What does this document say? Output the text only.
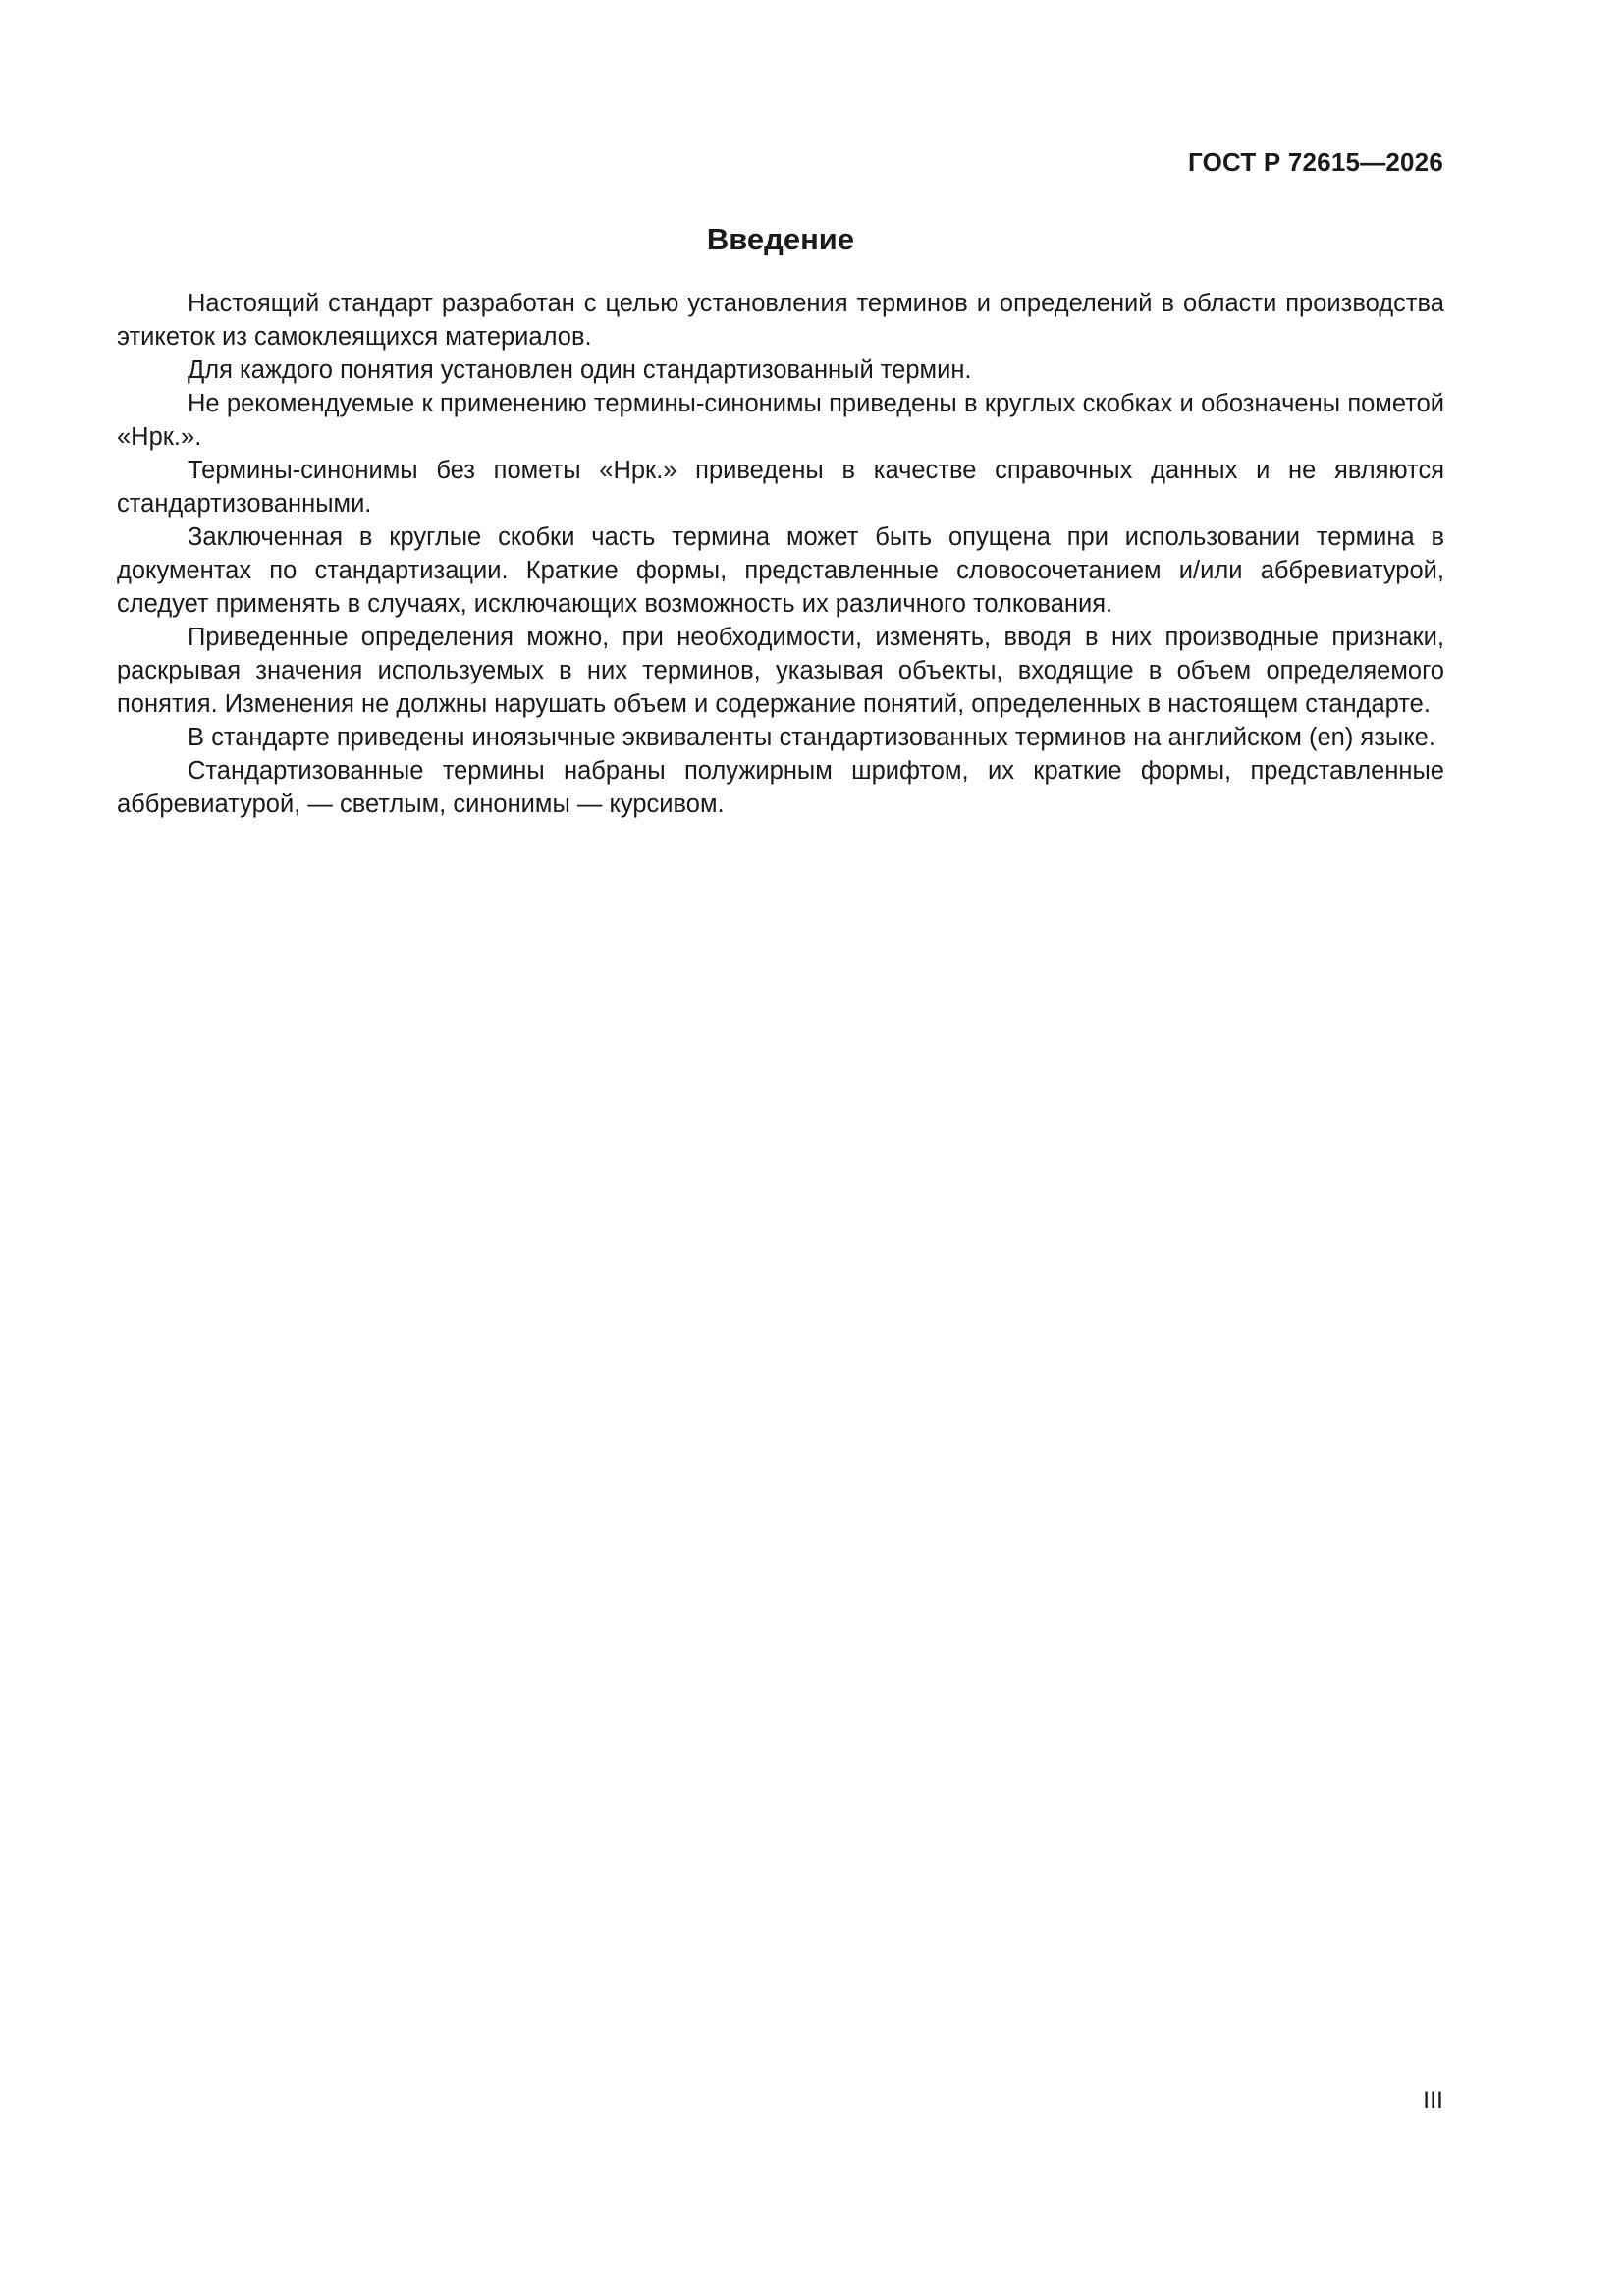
ГОСТ Р 72615—2026
Введение

Настоящий стандарт разработан с целью установления терминов и определений в области производства этикеток из самоклеящихся материалов.

Для каждого понятия установлен один стандартизованный термин.

Не рекомендуемые к применению термины-синонимы приведены в круглых скобках и обозначены пометой «Нрк.».

Термины-синонимы без пометы «Нрк.» приведены в качестве справочных данных и не являются стандартизованными.

Заключенная в круглые скобки часть термина может быть опущена при использовании термина в документах по стандартизации. Краткие формы, представленные словосочетанием и/или аббревиатурой, следует применять в случаях, исключающих возможность их различного толкования.

Приведенные определения можно, при необходимости, изменять, вводя в них производные признаки, раскрывая значения используемых в них терминов, указывая объекты, входящие в объем определяемого понятия. Изменения не должны нарушать объем и содержание понятий, определенных в настоящем стандарте.

В стандарте приведены иноязычные эквиваленты стандартизованных терминов на английском (en) языке.

Стандартизованные термины набраны полужирным шрифтом, их краткие формы, представленные аббревиатурой, — светлым, синонимы — курсивом.

III
